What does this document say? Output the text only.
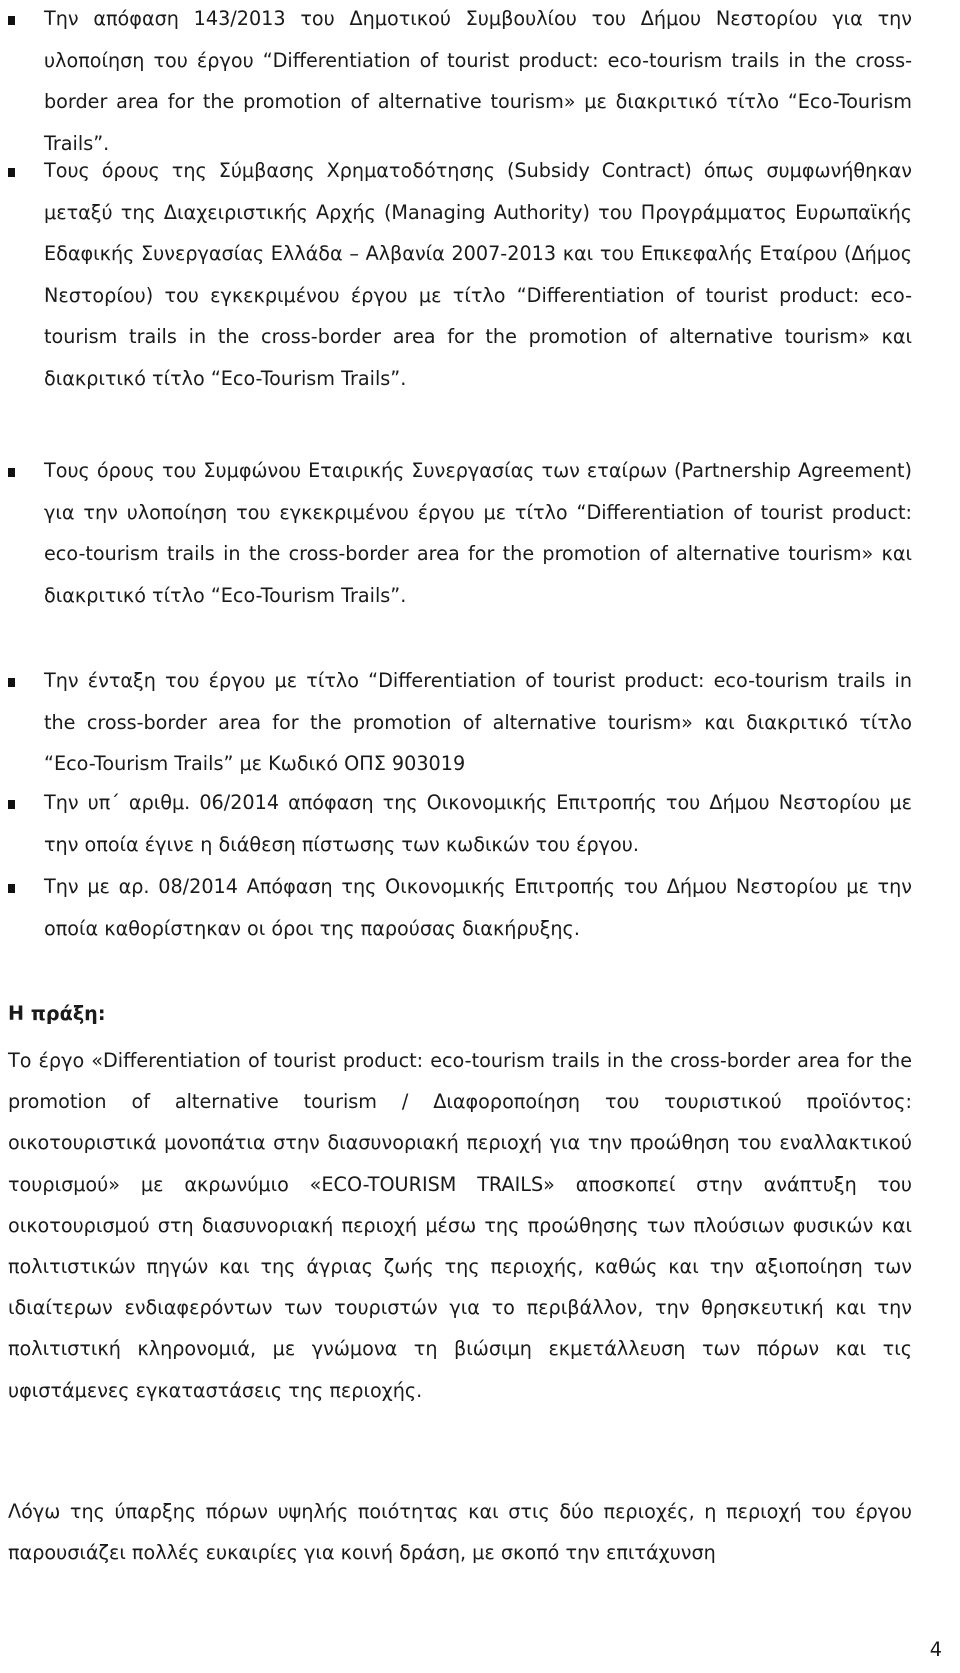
Την απόφαση 143/2013 του Δημοτικού Συμβουλίου του Δήμου Νεστορίου για την υλοποίηση του έργου “Differentiation of tourist product: eco-tourism trails in the cross-border area for the promotion of alternative tourism» με διακριτικό τίτλο “Eco-Tourism Trails”.

Τους όρους της Σύμβασης Χρηματοδότησης (Subsidy Contract) όπως συμφωνήθηκαν μεταξύ της Διαχειριστικής Αρχής (Managing Authority) του Προγράμματος Ευρωπαϊκής Εδαφικής Συνεργασίας Ελλάδα – Αλβανία 2007-2013 και του Επικεφαλής Εταίρου (Δήμος Νεστορίου) του εγκεκριμένου έργου με τίτλο “Differentiation of tourist product: eco-tourism trails in the cross-border area for the promotion of alternative tourism» και διακριτικό τίτλο “Eco-Tourism Trails”.

Τους όρους του Συμφώνου Εταιρικής Συνεργασίας των εταίρων (Partnership Agreement) για την υλοποίηση του εγκεκριμένου έργου με τίτλο “Differentiation of tourist product: eco-tourism trails in the cross-border area for the promotion of alternative tourism» και διακριτικό τίτλο “Eco-Tourism Trails”.

Την ένταξη του έργου με τίτλο “Differentiation of tourist product: eco-tourism trails in the cross-border area for the promotion of alternative tourism» και διακριτικό τίτλο “Eco-Tourism Trails” με Κωδικό ΟΠΣ 903019

Την υπ΄ αριθμ. 06/2014 απόφαση της Οικονομικής Επιτροπής του Δήμου Νεστορίου με την οποία έγινε η διάθεση πίστωσης των κωδικών του έργου.

Την με αρ. 08/2014 Απόφαση της Οικονομικής Επιτροπής του Δήμου Νεστορίου με την οποία καθορίστηκαν οι όροι της παρούσας διακήρυξης.

Η πράξη:

Το έργο «Differentiation of tourist product: eco-tourism trails in the cross-border area for the promotion of alternative tourism / Διαφοροποίηση του τουριστικού προϊόντος: οικοτουριστικά μονοπάτια στην διασυνοριακή περιοχή για την προώθηση του εναλλακτικού τουρισμού» με ακρωνύμιο «ECO-TOURISM TRAILS» αποσκοπεί στην ανάπτυξη του οικοτουρισμού στη διασυνοριακή περιοχή μέσω της προώθησης των πλούσιων φυσικών και πολιτιστικών πηγών και της άγριας ζωής της περιοχής, καθώς και την αξιοποίηση των ιδιαίτερων ενδιαφερόντων των τουριστών για το περιβάλλον, την θρησκευτική και την πολιτιστική κληρονομιά, με γνώμονα τη βιώσιμη εκμετάλλευση των πόρων και τις υφιστάμενες εγκαταστάσεις της περιοχής.

Λόγω της ύπαρξης πόρων υψηλής ποιότητας και στις δύο περιοχές, η περιοχή του έργου παρουσιάζει πολλές ευκαιρίες για κοινή δράση, με σκοπό την επιτάχυνση

4
